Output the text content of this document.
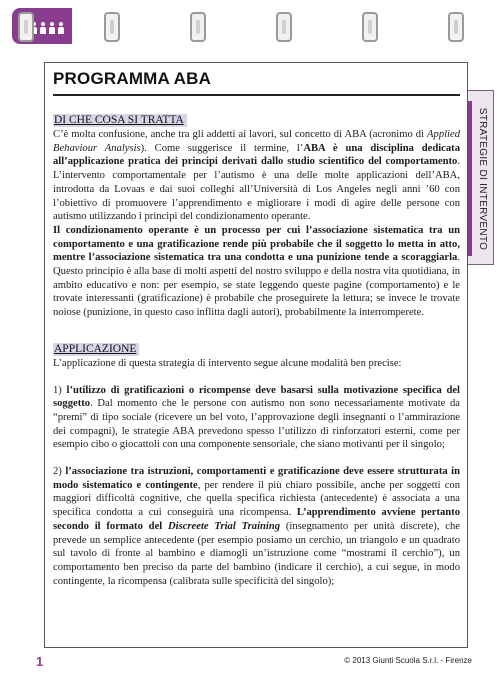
STRATEGIE DI INTERVENTO
PROGRAMMA ABA
DI CHE COSA SI TRATTA

C’è molta confusione, anche tra gli addetti ai lavori, sul concetto di ABA (acronimo di Applied Behaviour Analysis). Come suggerisce il termine, l’ABA è una disciplina dedicata all’applicazione pratica dei principi derivati dallo studio scientifico del comportamento. L’intervento comportamentale per l’autismo è una delle molte applicazioni dell’ABA, introdotta da Lovaas e dai suoi colleghi all’Università di Los Angeles negli anni ’60 con l’obiettivo di promuovere l’apprendimento e migliorare i modi di agire delle persone con autismo utilizzando i principi del condizionamento operante.

Il condizionamento operante è un processo per cui l’associazione sistematica tra un comportamento e una gratificazione rende più probabile che il soggetto lo metta in atto, mentre l’associazione sistematica tra una condotta e una punizione tende a scoraggiarla. Questo principio è alla base di molti aspetti del nostro sviluppo e della nostra vita quotidiana, in ambito educativo e non: per esempio, se state leggendo queste pagine (comportamento) e le trovate interessanti (gratificazione) è probabile che proseguirete la lettura; se invece le trovate noiose (punizione, in questo caso inflitta dagli autori), probabilmente la interromperete.

APPLICAZIONE

L’applicazione di questa strategia di intervento segue alcune modalità ben precise:

1) l’utilizzo di gratificazioni o ricompense deve basarsi sulla motivazione specifica del soggetto. Dal momento che le persone con autismo non sono necessariamente motivate da “premi” di tipo sociale (ricevere un bel voto, l’approvazione degli insegnanti o l’ammirazione dei compagni), le strategie ABA prevedono spesso l’utilizzo di rinforzatori esterni, come per esempio cibo o giocattoli con una componente sensoriale, che siano motivanti per il singolo;

2) l’associazione tra istruzioni, comportamenti e gratificazione deve essere strutturata in modo sistematico e contingente, per rendere il più chiaro possibile, anche per soggetti con maggiori difficoltà cognitive, che quella specifica richiesta (antecedente) è associata a una specifica condotta a cui conseguirà una ricompensa. L’apprendimento avviene pertanto secondo il formato del Discreete Trial Training (insegnamento per unità discrete), che prevede un semplice antecedente (per esempio posiamo un cerchio, un triangolo e un quadrato sul tavolo di fronte al bambino e diamogli un’istruzione come “mostrami il cerchio”), un comportamento ben preciso da parte del bambino (indicare il cerchio), a cui segue, in modo contingente, la ricompensa (calibrata sulle specificità del singolo);

1	© 2013 Giunti Scuola S.r.l. - Firenze
